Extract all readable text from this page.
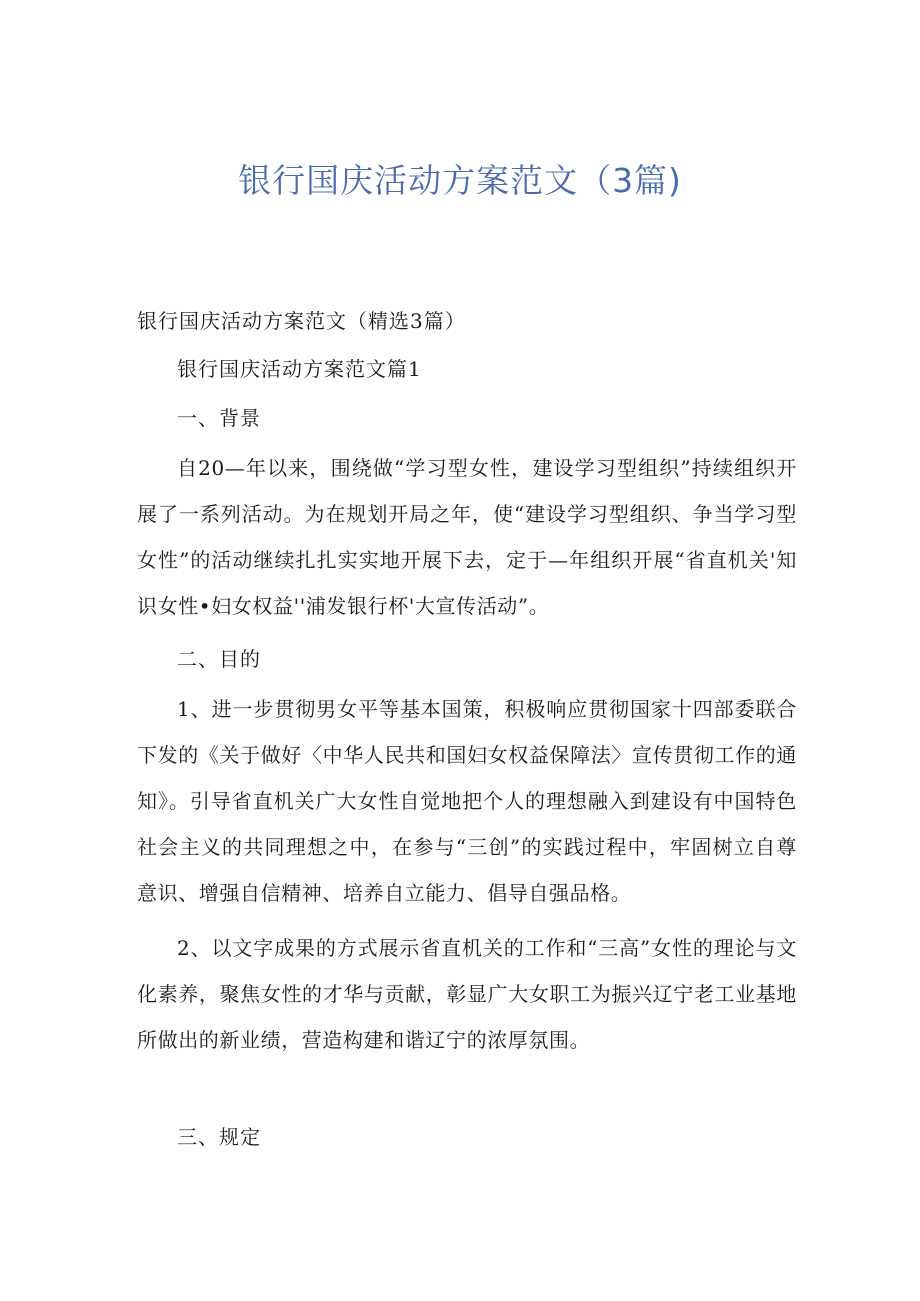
银行国庆活动方案范文（3篇)

银行国庆活动方案范文（精选3篇）

银行国庆活动方案范文篇1

一、背景

自20—年以来，围绕做“学习型女性，建设学习型组织”持续组织开展了一系列活动。为在规划开局之年，使“建设学习型组织、争当学习型女性”的活动继续扎扎实实地开展下去，定于—年组织开展“省直机关'知识女性•妇女权益''浦发银行杯'大宣传活动”。

二、目的

1、进一步贯彻男女平等基本国策，积极响应贯彻国家十四部委联合下发的《关于做好〈中华人民共和国妇女权益保障法〉宣传贯彻工作的通知》。引导省直机关广大女性自觉地把个人的理想融入到建设有中国特色社会主义的共同理想之中，在参与“三创”的实践过程中，牢固树立自尊意识、增强自信精神、培养自立能力、倡导自强品格。

2、以文字成果的方式展示省直机关的工作和“三高”女性的理论与文化素养，聚焦女性的才华与贡献，彰显广大女职工为振兴辽宁老工业基地所做出的新业绩，营造构建和谐辽宁的浓厚氛围。

三、规定
